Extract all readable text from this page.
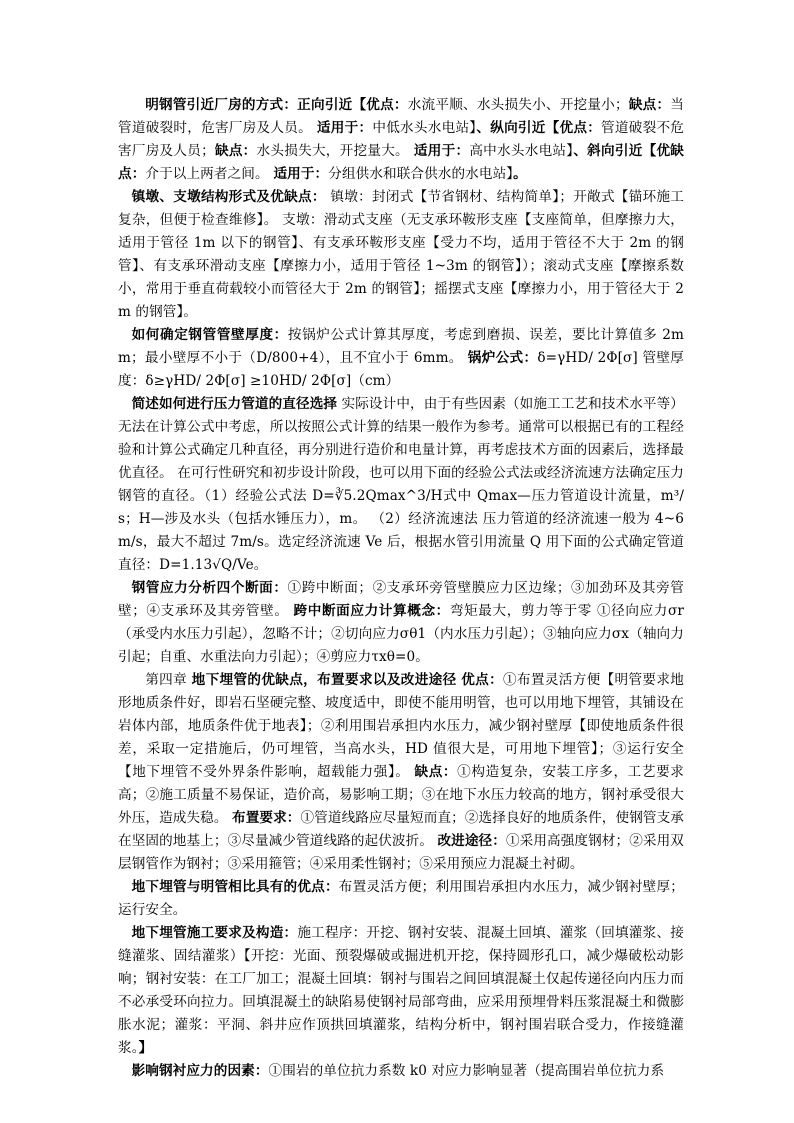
明钢管引近厂房的方式：正向引近【优点：水流平顺、水头损失小、开挖量小；缺点：当管道破裂时，危害厂房及人员。 适用于：中低水头水电站】、纵向引近【优点：管道破裂不危害厂房及人员；缺点：水头损失大，开挖量大。 适用于：高中水头水电站】、斜向引近【优缺点：介于以上两者之间。 适用于：分组供水和联合供水的水电站】。

镇墩、支墩结构形式及优缺点： 镇墩：封闭式【节省钢材、结构简单】；开敞式【锚环施工复杂，但便于检查维修】。 支墩：滑动式支座（无支承环鞍形支座【支座简单，但摩擦力大，适用于管径 1m 以下的钢管】、有支承环鞍形支座【受力不均，适用于管径不大于 2m 的钢管】、有支承环滑动支座【摩擦力小，适用于管径 1~3m 的钢管】）；滚动式支座【摩擦系数小，常用于垂直荷载较小而管径大于 2m 的钢管】；摇摆式支座【摩擦力小，用于管径大于 2m 的钢管】。

如何确定钢管管壁厚度：按锅炉公式计算其厚度，考虑到磨损、误差，要比计算值多 2mm；最小壁厚不小于（D/800+4），且不宜小于 6mm。 锅炉公式：δ=γHD/ 2Φ[σ] 管壁厚度：δ≥γHD/ 2Φ[σ] ≥10HD/ 2Φ[σ]（cm）

简述如何进行压力管道的直径选择 实际设计中，由于有些因素（如施工工艺和技术水平等）无法在计算公式中考虑，所以按照公式计算的结果一般作为参考。通常可以根据已有的工程经验和计算公式确定几种直径，再分别进行造价和电量计算，再考虑技术方面的因素后，选择最优直径。 在可行性研究和初步设计阶段，也可以用下面的经验公式法或经济流速方法确定压力钢管的直径。（1）经验公式法 D=∛5.2Qmax^3/H式中 Qmax—压力管道设计流量，m³/s；H—涉及水头（包括水锤压力），m。 （2）经济流速法 压力管道的经济流速一般为 4~6m/s，最大不超过 7m/s。选定经济流速 Ve 后，根据水管引用流量 Q 用下面的公式确定管道直径：D=1.13√Q/Ve。

钢管应力分析四个断面：①跨中断面；②支承环旁管壁膜应力区边缘；③加劲环及其旁管壁；④支承环及其旁管壁。 跨中断面应力计算概念：弯矩最大，剪力等于零 ①径向应力σr（承受内水压力引起），忽略不计；②切向应力σθ1（内水压力引起）；③轴向应力σx（轴向力引起；自重、水重法向力引起）；④剪应力τxθ=0。

第四章 地下埋管的优缺点，布置要求以及改进途径 优点：①布置灵活方便【明管要求地形地质条件好，即岩石坚硬完整、坡度适中，即使不能用明管，也可以用地下埋管，其铺设在岩体内部，地质条件优于地表】；②利用围岩承担内水压力，减少钢衬壁厚【即使地质条件很差，采取一定措施后，仍可埋管，当高水头，HD 值很大是，可用地下埋管】；③运行安全【地下埋管不受外界条件影响，超载能力强】。 缺点：①构造复杂，安装工序多，工艺要求高；②施工质量不易保证，造价高，易影响工期；③在地下水压力较高的地方，钢衬承受很大外压，造成失稳。 布置要求：①管道线路应尽量短而直；②选择良好的地质条件，使钢管支承在坚固的地基上；③尽量减少管道线路的起伏波折。 改进途径：①采用高强度钢材；②采用双层钢管作为钢衬；③采用箍管；④采用柔性钢衬；⑤采用预应力混凝土衬砌。

地下埋管与明管相比具有的优点：布置灵活方便；利用围岩承担内水压力，减少钢衬壁厚；运行安全。

地下埋管施工要求及构造：施工程序：开挖、钢衬安装、混凝土回填、灌浆（回填灌浆、接缝灌浆、固结灌浆）【开挖：光面、预裂爆破或掘进机开挖，保持圆形孔口，减少爆破松动影响；钢衬安装：在工厂加工；混凝土回填：钢衬与围岩之间回填混凝土仅起传递径向内压力而不必承受环向拉力。回填混凝土的缺陷易使钢衬局部弯曲，应采用预埋骨料压浆混凝土和微膨胀水泥；灌浆：平洞、斜井应作顶拱回填灌浆，结构分析中，钢衬围岩联合受力，作接缝灌浆。】

影响钢衬应力的因素：①围岩的单位抗力系数 k0 对应力影响显著（提高围岩单位抗力系
